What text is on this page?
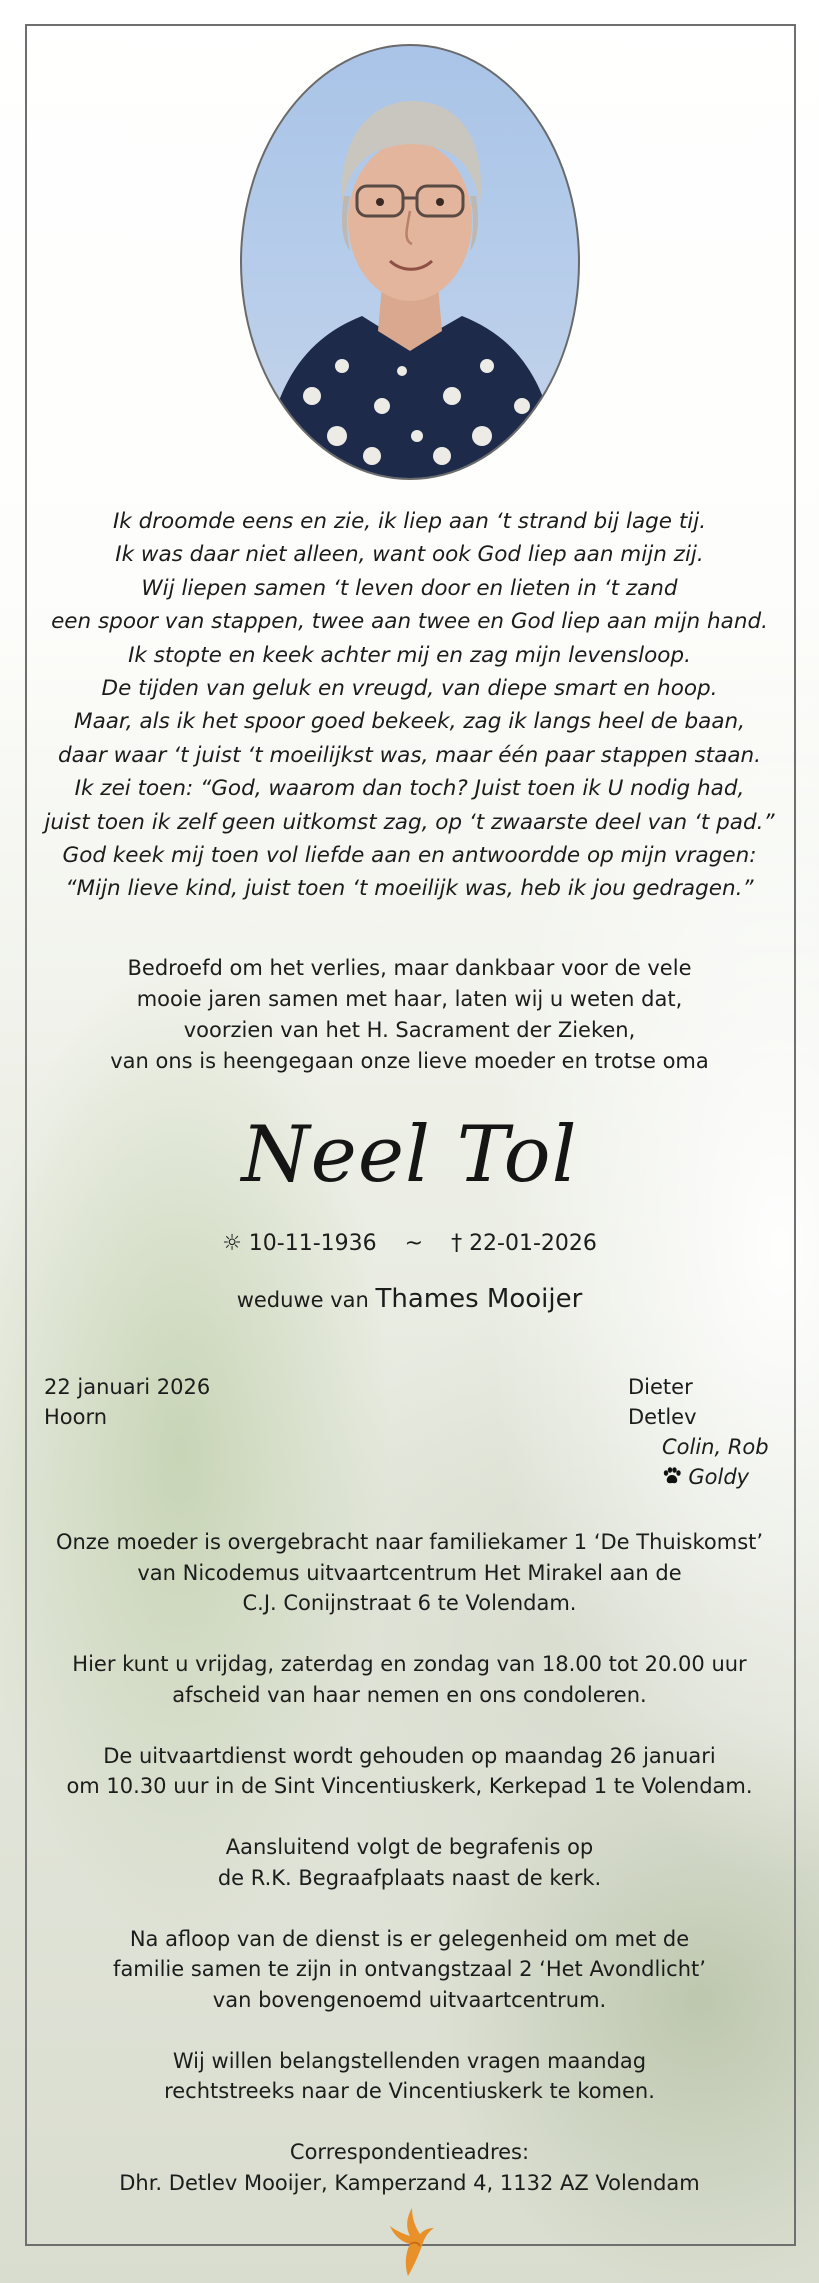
Ik droomde eens en zie, ik liep aan ‘t strand bij lage tij.
Ik was daar niet alleen, want ook God liep aan mijn zij.
Wij liepen samen ‘t leven door en lieten in ‘t zand
een spoor van stappen, twee aan twee en God liep aan mijn hand.
Ik stopte en keek achter mij en zag mijn levensloop.
De tijden van geluk en vreugd, van diepe smart en hoop.
Maar, als ik het spoor goed bekeek, zag ik langs heel de baan,
daar waar ‘t juist ‘t moeilijkst was, maar één paar stappen staan.
Ik zei toen: “God, waarom dan toch? Juist toen ik U nodig had,
juist toen ik zelf geen uitkomst zag, op ‘t zwaarste deel van ‘t pad.”
God keek mij toen vol liefde aan en antwoordde op mijn vragen:
“Mijn lieve kind, juist toen ‘t moeilijk was, heb ik jou gedragen.”
Bedroefd om het verlies, maar dankbaar voor de vele
mooie jaren samen met haar, laten wij u weten dat,
voorzien van het H. Sacrament der Zieken,
van ons is heengegaan onze lieve moeder en trotse oma
Neel Tol
☼ 10-11-1936 ~ † 22-01-2026
weduwe van Thames Mooijer
22 januari 2026
Hoorn
Dieter
Detlev
Colin, Rob
Goldy

Onze moeder is overgebracht naar familiekamer 1 ‘De Thuiskomst’
van Nicodemus uitvaartcentrum Het Mirakel aan de
C.J. Conijnstraat 6 te Volendam.

Hier kunt u vrijdag, zaterdag en zondag van 18.00 tot 20.00 uur
afscheid van haar nemen en ons condoleren.

De uitvaartdienst wordt gehouden op maandag 26 januari
om 10.30 uur in de Sint Vincentiuskerk, Kerkepad 1 te Volendam.

Aansluitend volgt de begrafenis op
de R.K. Begraafplaats naast de kerk.

Na afloop van de dienst is er gelegenheid om met de
familie samen te zijn in ontvangstzaal 2 ‘Het Avondlicht’
van bovengenoemd uitvaartcentrum.

Wij willen belangstellenden vragen maandag
rechtstreeks naar de Vincentiuskerk te komen.

Correspondentieadres:
Dhr. Detlev Mooijer, Kamperzand 4, 1132 AZ Volendam
